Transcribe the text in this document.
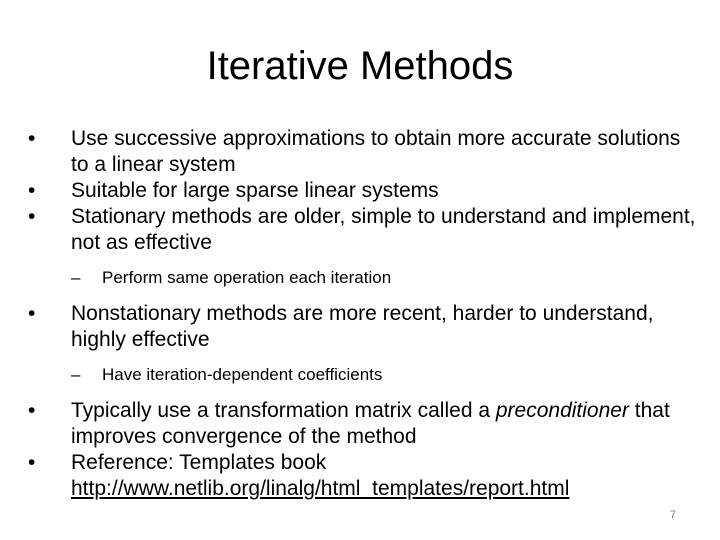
Iterative Methods
•	Use successive approximations to obtain more accurate solutions to a linear system
•	Suitable for large sparse linear systems
•	Stationary methods are older, simple to understand and implement, not as effective
– Perform same operation each iteration
•	Nonstationary methods are more recent, harder to understand, highly effective
– Have iteration-dependent coefficients
•	Typically use a transformation matrix called a preconditioner that improves convergence of the method
•	Reference: Templates book
http://www.netlib.org/linalg/html_templates/report.html
7
